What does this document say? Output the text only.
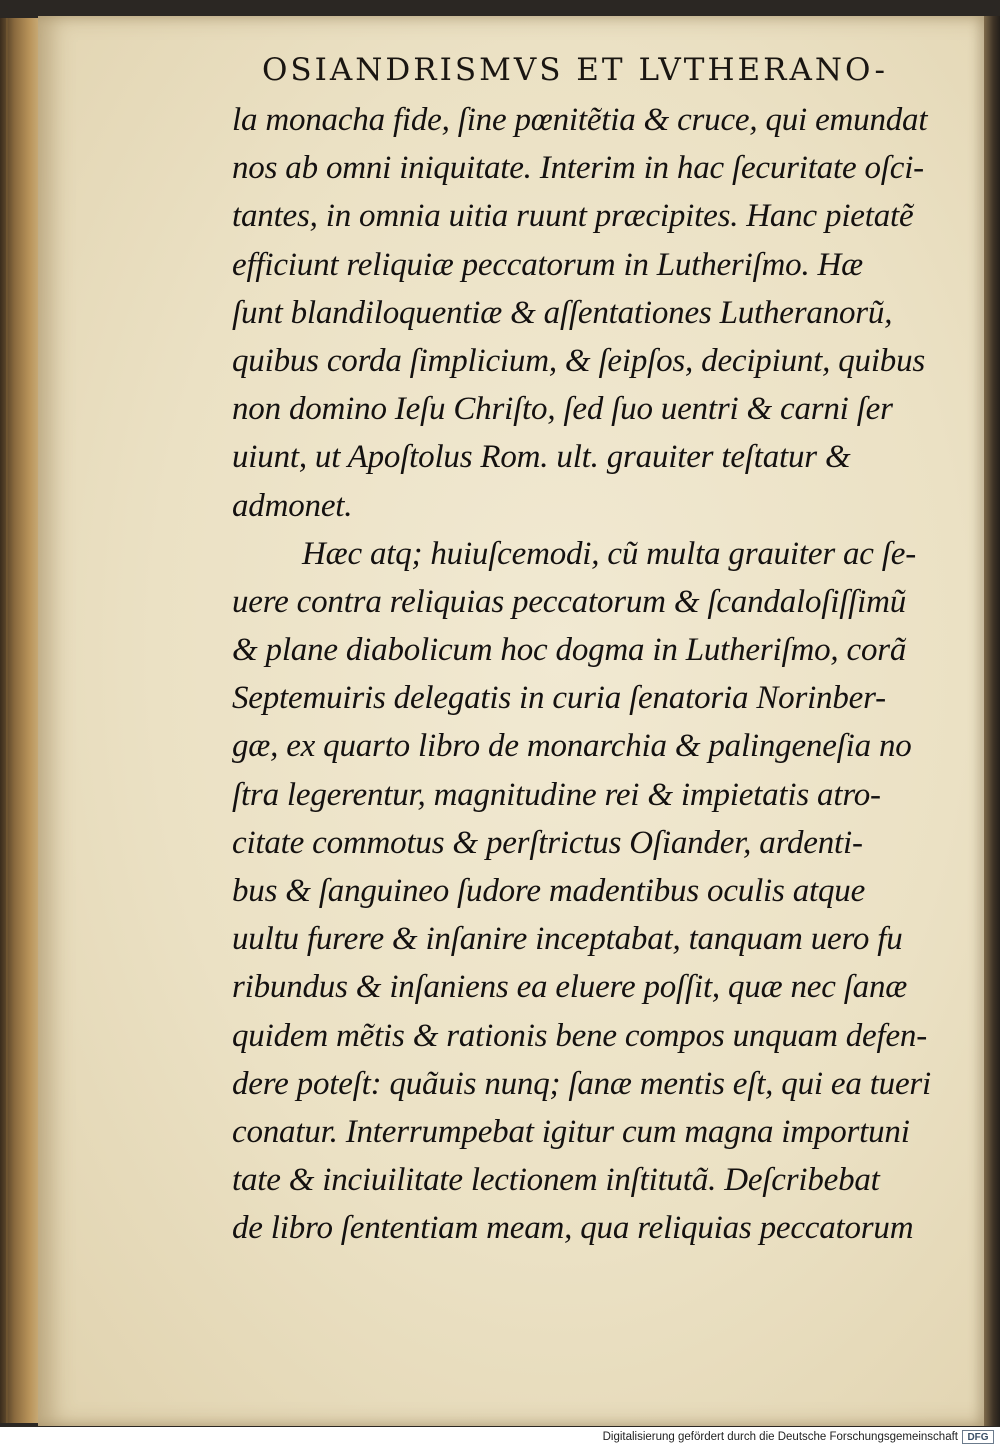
OSIANDRISMVS ET LVTHERANO-
la monacha fide, ſine pœnitẽtia & cruce, qui emundat
nos ab omni iniquitate. Interim in hac ſecuritate oſci-
tantes, in omnia uitia ruunt præcipites. Hanc pietatẽ
efficiunt reliquiæ peccatorum in Lutheriſmo. Hæ
ſunt blandiloquentiæ & aſſentationes Lutheranorũ,
quibus corda ſimplicium, & ſeipſos, decipiunt, quibus
non domino Ieſu Chriſto, ſed ſuo uentri & carni ſer
uiunt, ut Apoſtolus Rom. ult. grauiter teſtatur &
admonet.
Hæc atq; huiuſcemodi, cũ multa grauiter ac ſe-
uere contra reliquias peccatorum & ſcandaloſiſſimũ
& plane diabolicum hoc dogma in Lutheriſmo, corã
Septemuiris delegatis in curia ſenatoria Norinber-
gæ, ex quarto libro de monarchia & palingeneſia no
ſtra legerentur, magnitudine rei & impietatis atro-
citate commotus & perſtrictus Oſiander, ardenti-
bus & ſanguineo ſudore madentibus oculis atque
uultu furere & inſanire inceptabat, tanquam uero fu
ribundus & inſaniens ea eluere poſſit, quæ nec ſanæ
quidem mẽtis & rationis bene compos unquam defen-
dere poteſt: quãuis nunq; ſanæ mentis eſt, qui ea tueri
conatur. Interrumpebat igitur cum magna importuni
tate & inciuilitate lectionem inſtitutã. Deſcribebat
de libro ſententiam meam, qua reliquias peccatorum
Digitalisierung gefördert durch die Deutsche Forschungsgemeinschaft DFG
